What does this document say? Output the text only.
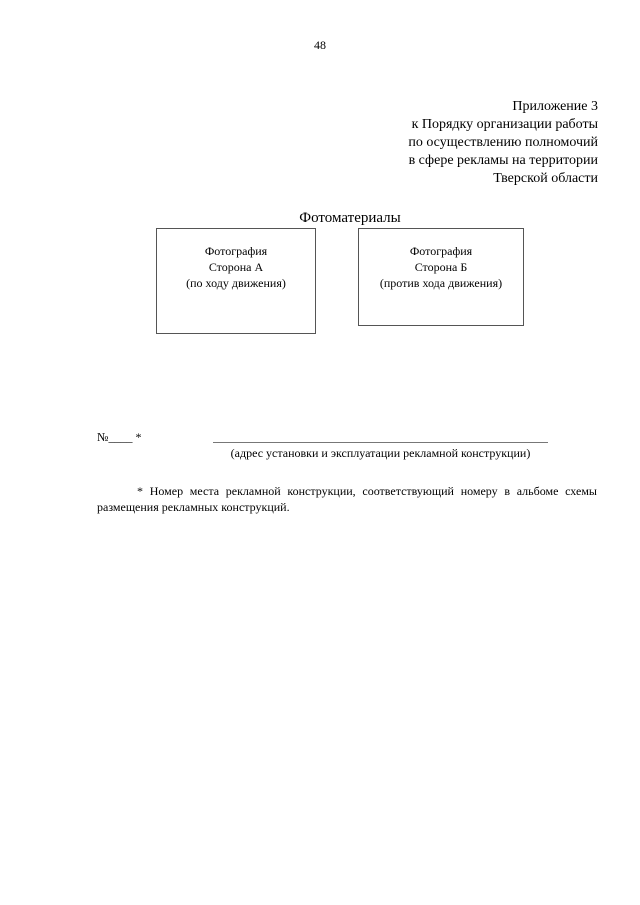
48
Приложение 3
к Порядку организации работы
по осуществлению полномочий
в сфере рекламы на территории
Тверской области
Фотоматериалы
Фотография
Сторона А
(по ходу движения)
Фотография
Сторона Б
(против хода движения)
№____ *
(адрес установки и эксплуатации рекламной конструкции)
* Номер места рекламной конструкции, соответствующий номеру в альбоме схемы размещения рекламных конструкций.
